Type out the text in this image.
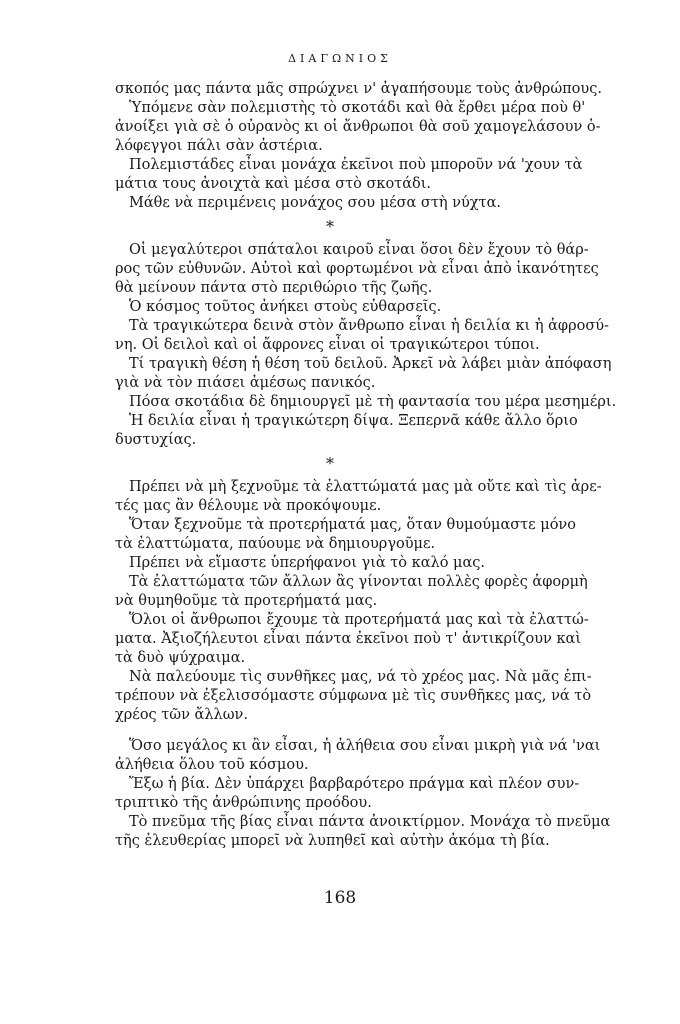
ΔΙΑΓΩΝΙΟΣ
σκοπός μας πάντα μᾶς σπρώχνει ν' ἀγαπήσουμε τοὺς ἀνθρώπους.
Ὑπόμενε σὰν πολεμιστὴς τὸ σκοτάδι καὶ θὰ ἔρθει μέρα ποὺ θ'
ἀνοίξει γιὰ σὲ ὁ οὐρανὸς κι οἱ ἄνθρωποι θὰ σοῦ χαμογελάσουν ὁ-
λόφεγγοι πάλι σὰν ἀστέρια.
Πολεμιστάδες εἶναι μονάχα ἐκεῖνοι ποὺ μποροῦν νά 'χουν τὰ
μάτια τους ἀνοιχτὰ καὶ μέσα στὸ σκοτάδι.
Μάθε νὰ περιμένεις μονάχος σου μέσα στὴ νύχτα.
*
Οἱ μεγαλύτεροι σπάταλοι καιροῦ εἶναι ὅσοι δὲν ἔχουν τὸ θάρ-
ρος τῶν εὐθυνῶν. Αὐτοὶ καὶ φορτωμένοι νὰ εἶναι ἀπὸ ἱκανότητες
θὰ μείνουν πάντα στὸ περιθώριο τῆς ζωῆς.
Ὁ κόσμος τοῦτος ἀνήκει στοὺς εὐθαρσεῖς.
Τὰ τραγικώτερα δεινὰ στὸν ἄνθρωπο εἶναι ἡ δειλία κι ἡ ἀφροσύ-
νη. Οἱ δειλοὶ καὶ οἱ ἄφρονες εἶναι οἱ τραγικώτεροι τύποι.
Τί τραγικὴ θέση ἡ θέση τοῦ δειλοῦ. Ἀρκεῖ νὰ λάβει μιὰν ἀπόφαση
γιὰ νὰ τὸν πιάσει ἀμέσως πανικός.
Πόσα σκοτάδια δὲ δημιουργεῖ μὲ τὴ φαντασία του μέρα μεσημέρι.
Ἡ δειλία εἶναι ἡ τραγικώτερη δίψα. Ξεπερνᾶ κάθε ἄλλο ὅριο
δυστυχίας.
*
Πρέπει νὰ μὴ ξεχνοῦμε τὰ ἐλαττώματά μας μὰ οὔτε καὶ τὶς ἀρε-
τές μας ἂν θέλουμε νὰ προκόψουμε.
Ὅταν ξεχνοῦμε τὰ προτερήματά μας, ὅταν θυμούμαστε μόνο
τὰ ἐλαττώματα, παύουμε νὰ δημιουργοῦμε.
Πρέπει νὰ εἴμαστε ὑπερήφανοι γιὰ τὸ καλό μας.
Τὰ ἐλαττώματα τῶν ἄλλων ἂς γίνονται πολλὲς φορὲς ἀφορμὴ
νὰ θυμηθοῦμε τὰ προτερήματά μας.
Ὅλοι οἱ ἄνθρωποι ἔχουμε τὰ προτερήματά μας καὶ τὰ ἐλαττώ-
ματα. Ἀξιοζήλευτοι εἶναι πάντα ἐκεῖνοι ποὺ τ' ἀντικρίζουν καὶ
τὰ δυὸ ψύχραιμα.
Νὰ παλεύουμε τὶς συνθῆκες μας, νά τὸ χρέος μας. Νὰ μᾶς ἐπι-
τρέπουν νὰ ἐξελισσόμαστε σύμφωνα μὲ τὶς συνθῆκες μας, νά τὸ
χρέος τῶν ἄλλων.
Ὅσο μεγάλος κι ἂν εἶσαι, ἡ ἀλήθεια σου εἶναι μικρὴ γιὰ νά 'ναι
ἀλήθεια ὅλου τοῦ κόσμου.
Ἔξω ἡ βία. Δὲν ὑπάρχει βαρβαρότερο πράγμα καὶ πλέον συν-
τριπτικὸ τῆς ἀνθρώπινης προόδου.
Τὸ πνεῦμα τῆς βίας εἶναι πάντα ἀνοικτίρμον. Μονάχα τὸ πνεῦμα
τῆς ἐλευθερίας μπορεῖ νὰ λυπηθεῖ καὶ αὐτὴν ἀκόμα τὴ βία.
168
